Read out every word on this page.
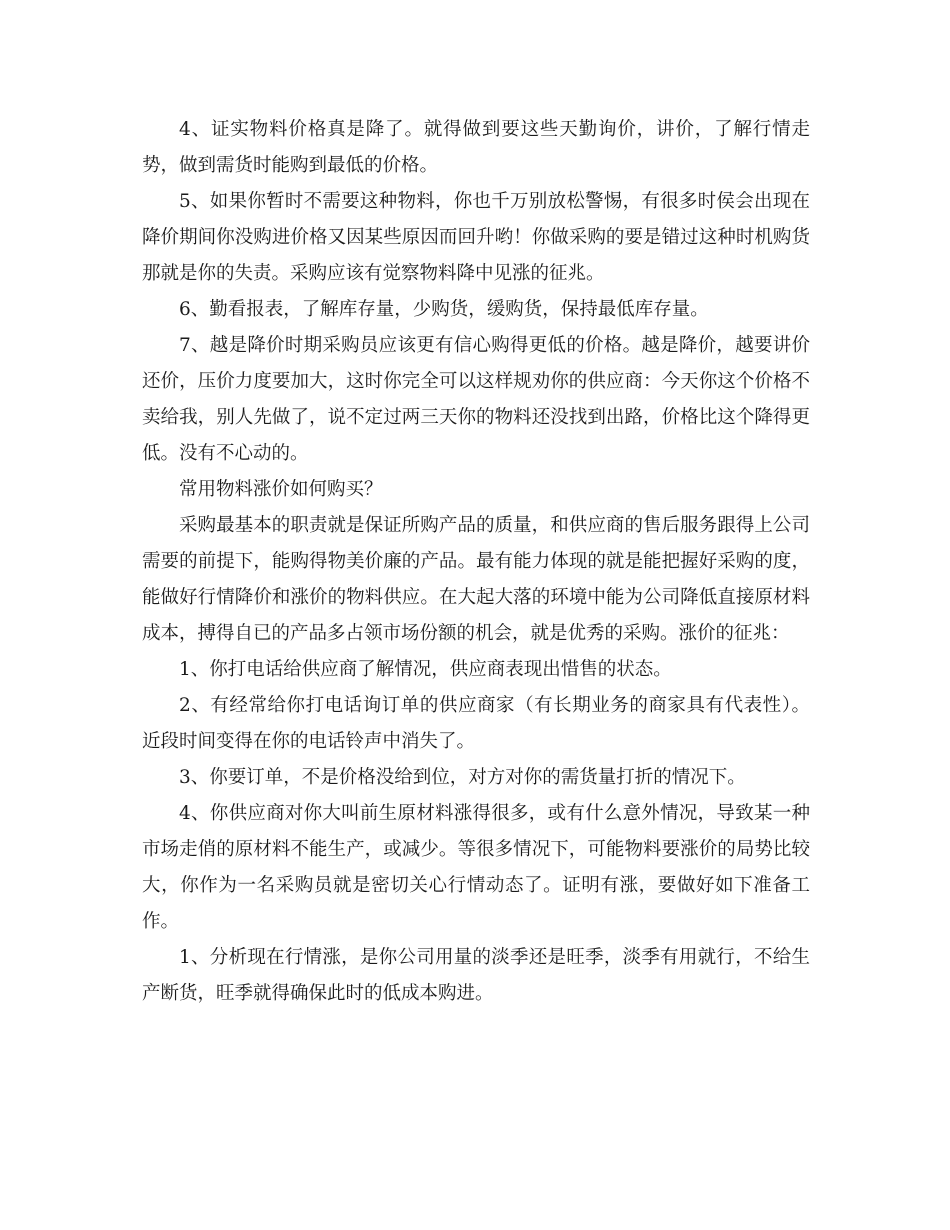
4、证实物料价格真是降了。就得做到要这些天勤询价，讲价，了解行情走势，做到需货时能购到最低的价格。

5、如果你暂时不需要这种物料，你也千万别放松警惕，有很多时侯会出现在降价期间你没购进价格又因某些原因而回升哟！你做采购的要是错过这种时机购货那就是你的失责。采购应该有觉察物料降中见涨的征兆。

6、勤看报表，了解库存量，少购货，缓购货，保持最低库存量。

7、越是降价时期采购员应该更有信心购得更低的价格。越是降价，越要讲价还价，压价力度要加大，这时你完全可以这样规劝你的供应商：今天你这个价格不卖给我，别人先做了，说不定过两三天你的物料还没找到出路，价格比这个降得更低。没有不心动的。

常用物料涨价如何购买？

采购最基本的职责就是保证所购产品的质量，和供应商的售后服务跟得上公司需要的前提下，能购得物美价廉的产品。最有能力体现的就是能把握好采购的度，能做好行情降价和涨价的物料供应。在大起大落的环境中能为公司降低直接原材料成本，搏得自已的产品多占领市场份额的机会，就是优秀的采购。涨价的征兆：

1、你打电话给供应商了解情况，供应商表现出惜售的状态。

2、有经常给你打电话询订单的供应商家（有长期业务的商家具有代表性）。近段时间变得在你的电话铃声中消失了。

3、你要订单，不是价格没给到位，对方对你的需货量打折的情况下。

4、你供应商对你大叫前生原材料涨得很多，或有什么意外情况，导致某一种市场走俏的原材料不能生产，或减少。等很多情况下，可能物料要涨价的局势比较大，你作为一名采购员就是密切关心行情动态了。证明有涨，要做好如下准备工作。

1、分析现在行情涨，是你公司用量的淡季还是旺季，淡季有用就行，不给生产断货，旺季就得确保此时的低成本购进。
